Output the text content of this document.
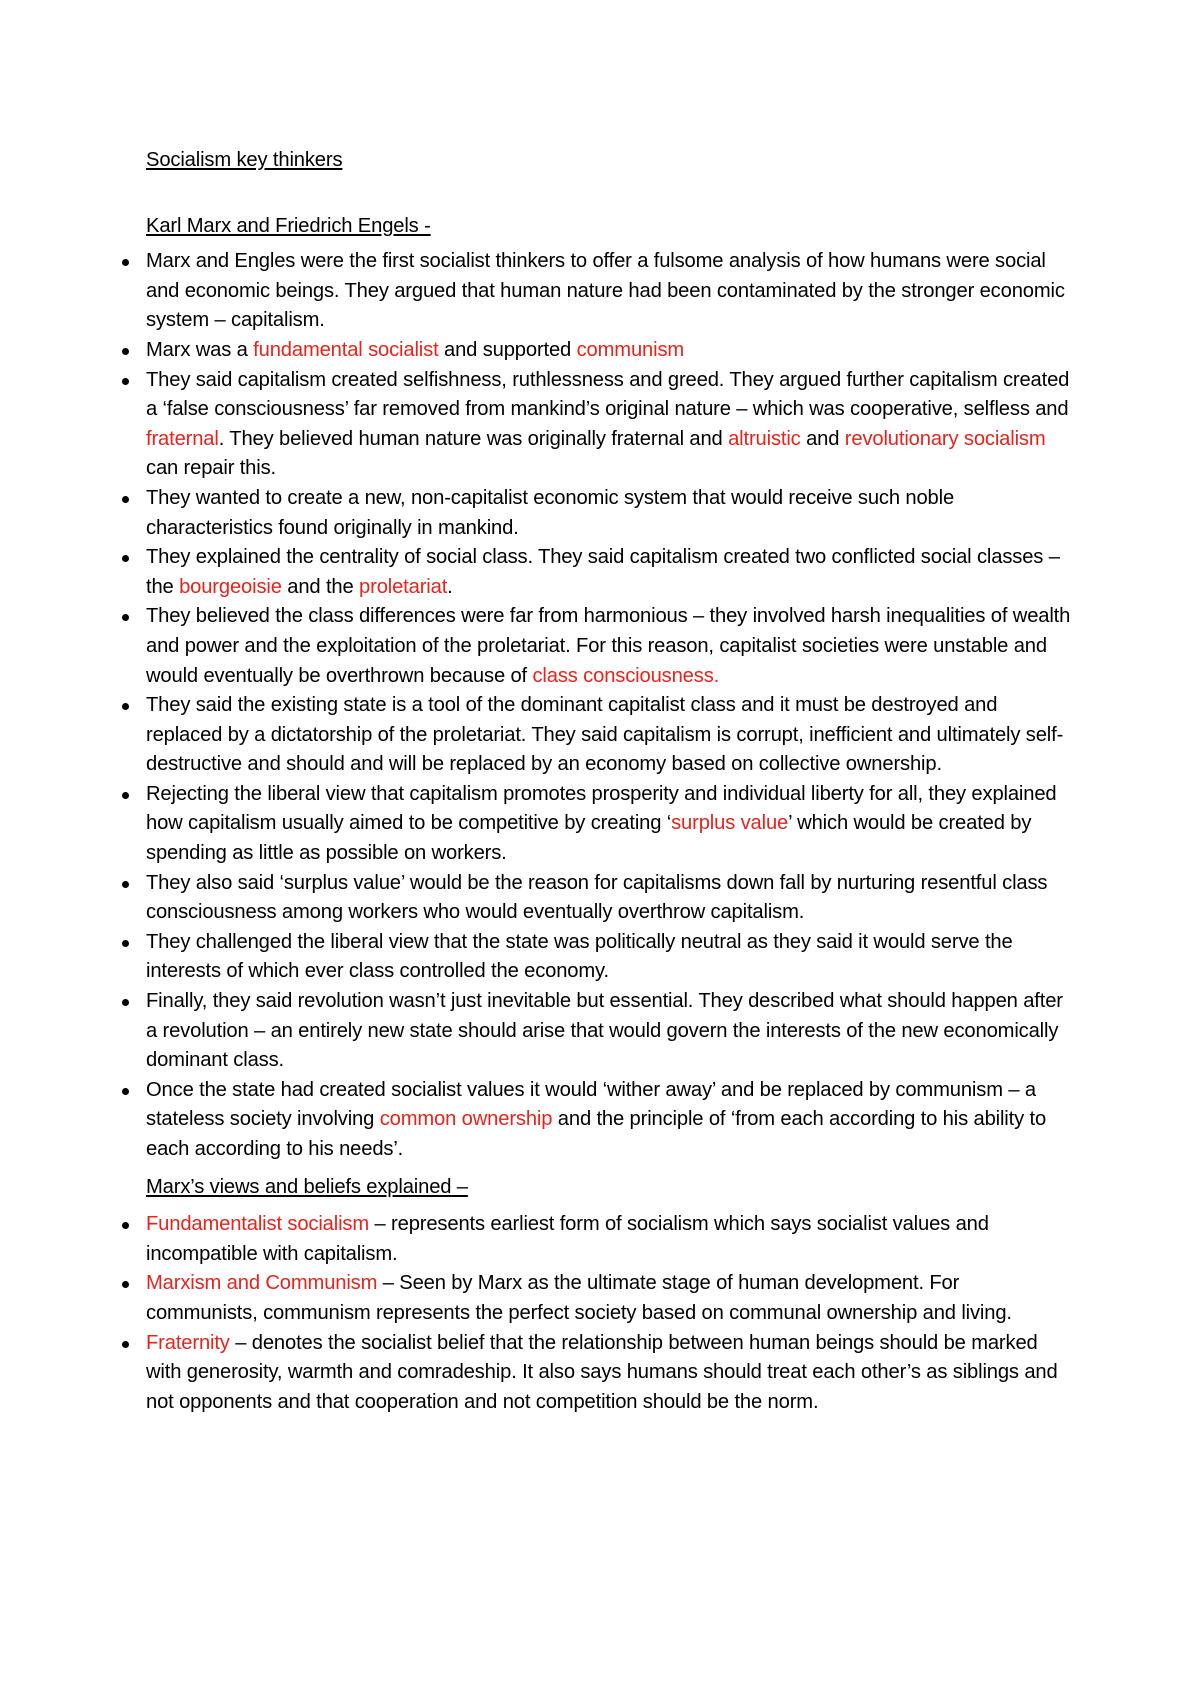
Socialism key thinkers
Karl Marx and Friedrich Engels -
Marx and Engles were the first socialist thinkers to offer a fulsome analysis of how humans were social and economic beings. They argued that human nature had been contaminated by the stronger economic system – capitalism.
Marx was a fundamental socialist and supported communism
They said capitalism created selfishness, ruthlessness and greed. They argued further capitalism created a ‘false consciousness’ far removed from mankind’s original nature – which was cooperative, selfless and fraternal. They believed human nature was originally fraternal and altruistic and revolutionary socialism can repair this.
They wanted to create a new, non-capitalist economic system that would receive such noble characteristics found originally in mankind.
They explained the centrality of social class. They said capitalism created two conflicted social classes – the bourgeoisie and the proletariat.
They believed the class differences were far from harmonious – they involved harsh inequalities of wealth and power and the exploitation of the proletariat. For this reason, capitalist societies were unstable and would eventually be overthrown because of class consciousness.
They said the existing state is a tool of the dominant capitalist class and it must be destroyed and replaced by a dictatorship of the proletariat. They said capitalism is corrupt, inefficient and ultimately self-destructive and should and will be replaced by an economy based on collective ownership.
Rejecting the liberal view that capitalism promotes prosperity and individual liberty for all, they explained how capitalism usually aimed to be competitive by creating ‘surplus value’ which would be created by spending as little as possible on workers.
They also said ‘surplus value’ would be the reason for capitalisms down fall by nurturing resentful class consciousness among workers who would eventually overthrow capitalism.
They challenged the liberal view that the state was politically neutral as they said it would serve the interests of which ever class controlled the economy.
Finally, they said revolution wasn’t just inevitable but essential. They described what should happen after a revolution – an entirely new state should arise that would govern the interests of the new economically dominant class.
Once the state had created socialist values it would ‘wither away’ and be replaced by communism – a stateless society involving common ownership and the principle of ‘from each according to his ability to each according to his needs’.
Marx’s views and beliefs explained –
Fundamentalist socialism – represents earliest form of socialism which says socialist values and incompatible with capitalism.
Marxism and Communism – Seen by Marx as the ultimate stage of human development. For communists, communism represents the perfect society based on communal ownership and living.
Fraternity – denotes the socialist belief that the relationship between human beings should be marked with generosity, warmth and comradeship. It also says humans should treat each other’s as siblings and not opponents and that cooperation and not competition should be the norm.
